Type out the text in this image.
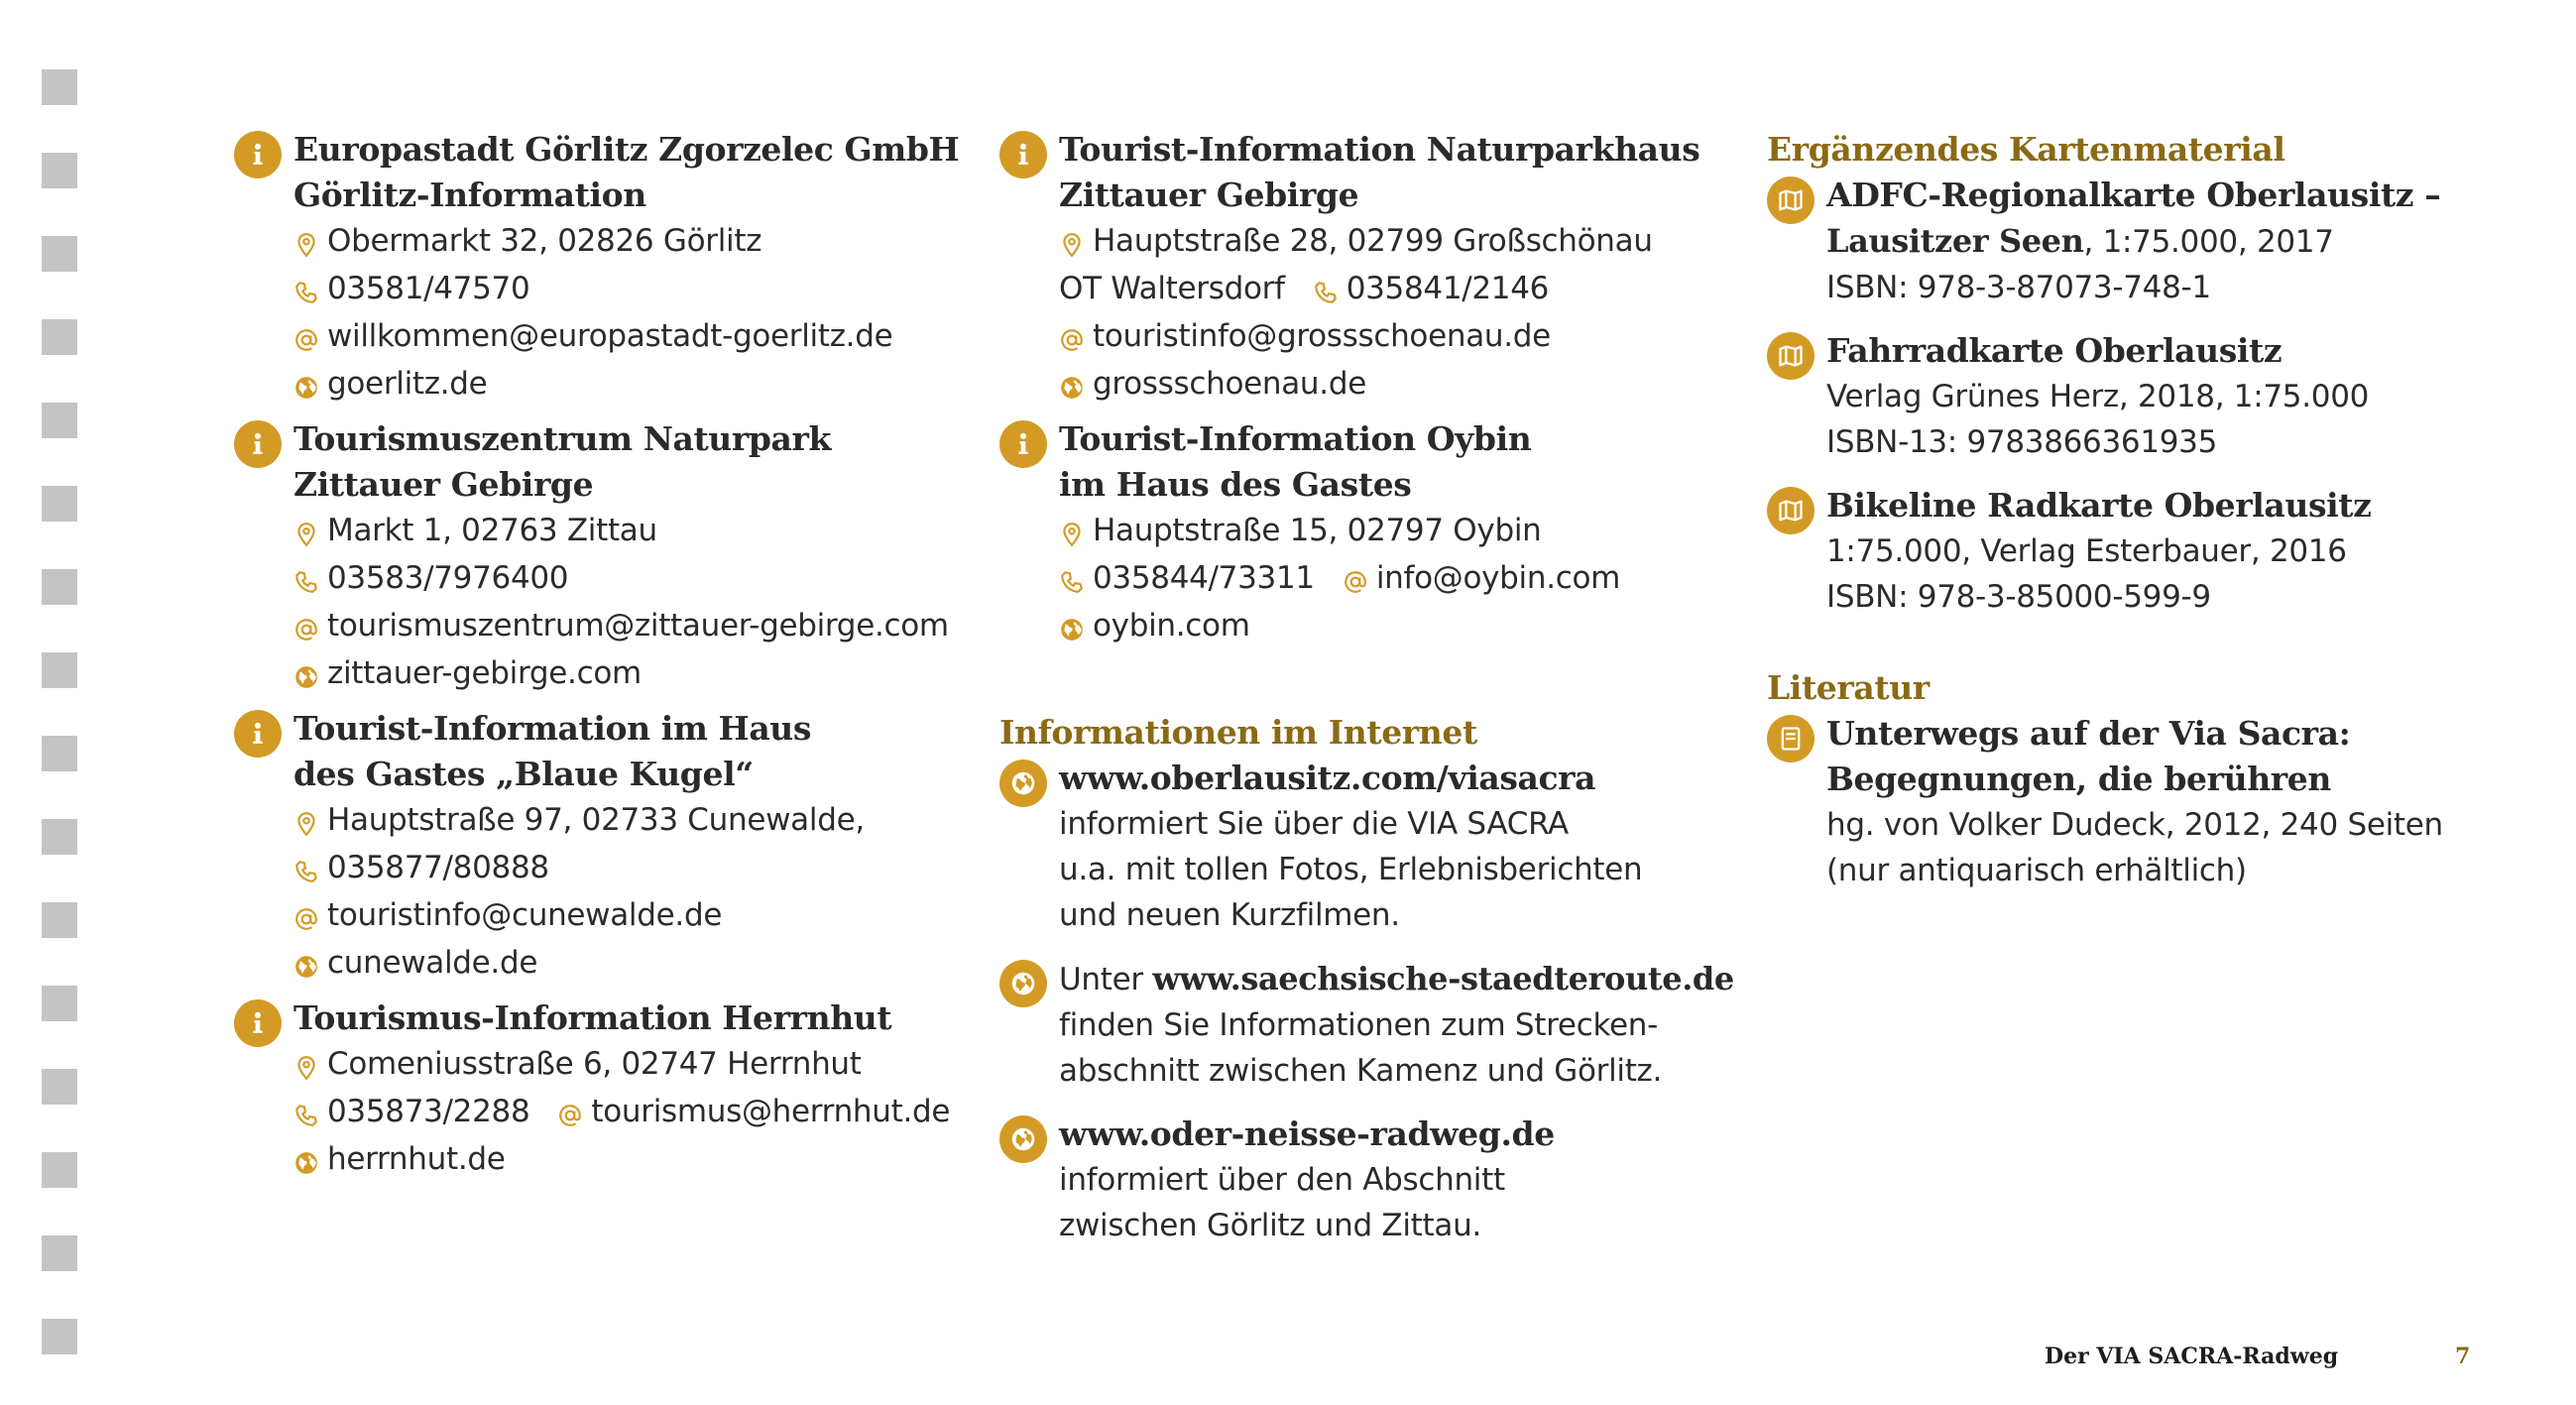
Europastadt Görlitz Zgorzelec GmbH
Görlitz-Information
Obermarkt 32, 02826 Görlitz
03581/47570
willkommen@europastadt-goerlitz.de
goerlitz.de
Tourismuszentrum Naturpark
Zittauer Gebirge
Markt 1, 02763 Zittau
03583/7976400
tourismuszentrum@zittauer-gebirge.com
zittauer-gebirge.com
Tourist-Information im Haus
des Gastes „Blaue Kugel“
Hauptstraße 97, 02733 Cunewalde,
035877/80888
touristinfo@cunewalde.de
cunewalde.de
Tourismus-Information Herrnhut
Comeniusstraße 6, 02747 Herrnhut
035873/2288 tourismus@herrnhut.de
herrnhut.de
Tourist-Information Naturparkhaus
Zittauer Gebirge
Hauptstraße 28, 02799 Großschönau
OT Waltersdorf 035841/2146
touristinfo@grossschoenau.de
grossschoenau.de
Tourist-Information Oybin
im Haus des Gastes
Hauptstraße 15, 02797 Oybin
035844/73311 info@oybin.com
oybin.com
Informationen im Internet
www.oberlausitz.com/viasacra
informiert Sie über die VIA SACRA
u.a. mit tollen Fotos, Erlebnisberichten
und neuen Kurzfilmen.
Unter www.saechsische-staedteroute.de
finden Sie Informationen zum Strecken-
abschnitt zwischen Kamenz und Görlitz.
www.oder-neisse-radweg.de
informiert über den Abschnitt
zwischen Görlitz und Zittau.
Ergänzendes Kartenmaterial
ADFC-Regionalkarte Oberlausitz –
Lausitzer Seen, 1:75.000, 2017
ISBN: 978-3-87073-748-1
Fahrradkarte Oberlausitz
Verlag Grünes Herz, 2018, 1:75.000
ISBN-13: 9783866361935
Bikeline Radkarte Oberlausitz
1:75.000, Verlag Esterbauer, 2016
ISBN: 978-3-85000-599-9
Literatur
Unterwegs auf der Via Sacra:
Begegnungen, die berühren
hg. von Volker Dudeck, 2012, 240 Seiten
(nur antiquarisch erhältlich)
Der VIA SACRA-Radweg	7
